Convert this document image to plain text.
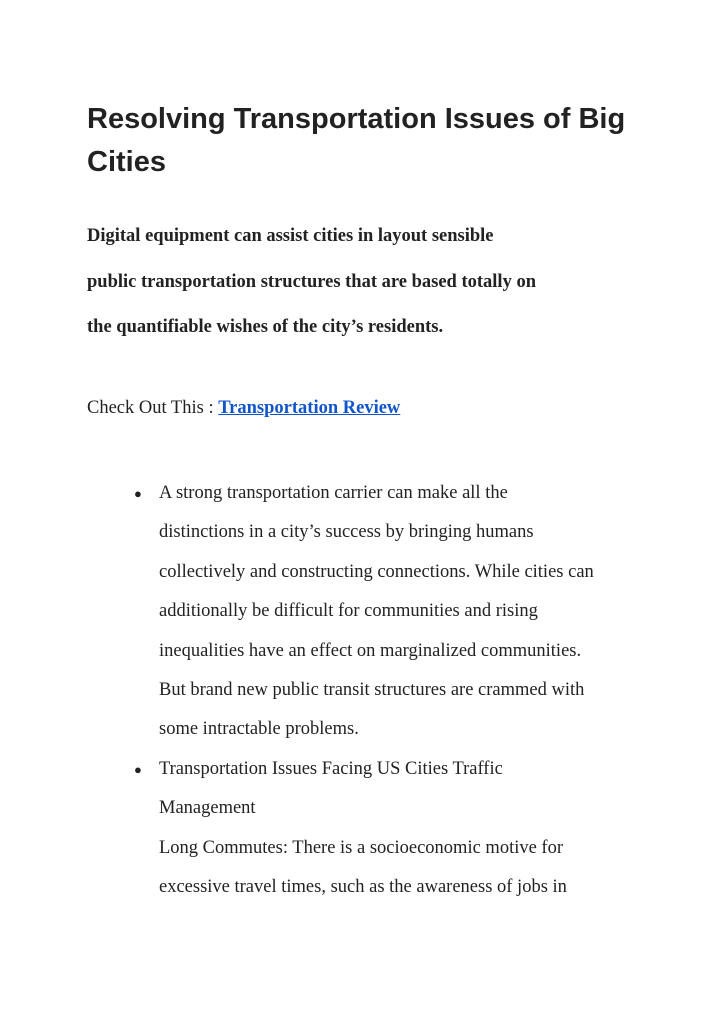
Resolving Transportation Issues of Big Cities

Digital equipment can assist cities in layout sensible
public transportation structures that are based totally on
the quantifiable wishes of the city’s residents.

Check Out This : Transportation Review

● A strong transportation carrier can make all the
distinctions in a city’s success by bringing humans
collectively and constructing connections. While cities can
additionally be difficult for communities and rising
inequalities have an effect on marginalized communities.
But brand new public transit structures are crammed with
some intractable problems.
● Transportation Issues Facing US Cities Traffic
Management
Long Commutes: There is a socioeconomic motive for
excessive travel times, such as the awareness of jobs in
